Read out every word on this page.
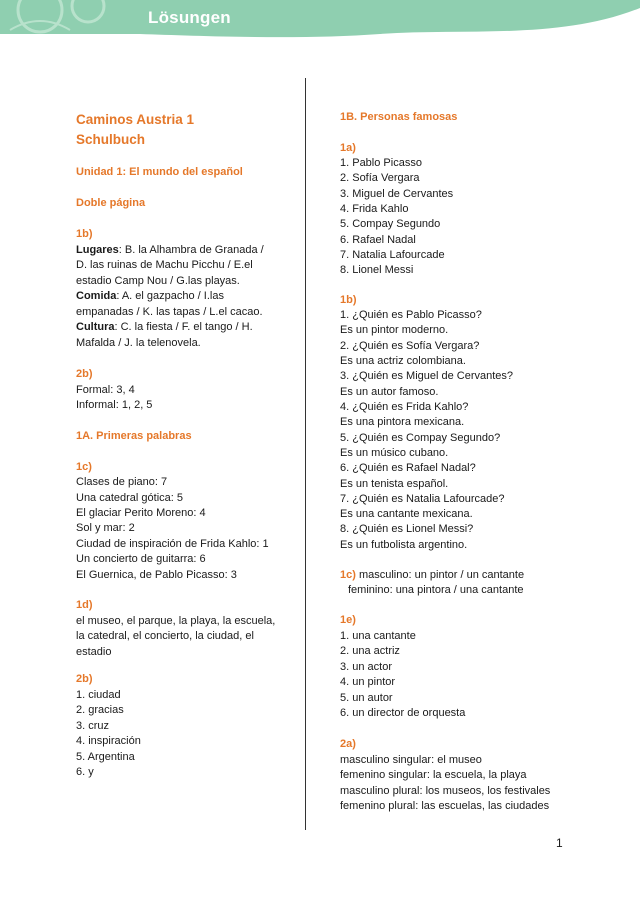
Lösungen
Caminos Austria 1
Schulbuch
Unidad 1: El mundo del español
Doble página
1b)
Lugares: B. la Alhambra de Granada /
D. las ruinas de Machu Picchu / E.el
estadio Camp Nou / G.las playas.
Comida: A. el gazpacho / I.las
empanadas / K. las tapas / L.el cacao.
Cultura: C. la fiesta / F. el tango / H.
Mafalda / J. la telenovela.
2b)
Formal: 3, 4
Informal: 1, 2, 5
1A. Primeras palabras
1c)
Clases de piano: 7
Una catedral gótica: 5
El glaciar Perito Moreno: 4
Sol y mar: 2
Ciudad de inspiración de Frida Kahlo: 1
Un concierto de guitarra: 6
El Guernica, de Pablo Picasso: 3
1d)
el museo, el parque, la playa, la escuela,
la catedral, el concierto, la ciudad, el
estadio
2b)
1. ciudad
2. gracias
3. cruz
4. inspiración
5. Argentina
6. y
1B. Personas famosas
1a)
1. Pablo Picasso
2. Sofía Vergara
3. Miguel de Cervantes
4. Frida Kahlo
5. Compay Segundo
6. Rafael Nadal
7. Natalia Lafourcade
8. Lionel Messi
1b)
1. ¿Quién es Pablo Picasso?
Es un pintor moderno.
2. ¿Quién es Sofía Vergara?
Es una actriz colombiana.
3. ¿Quién es Miguel de Cervantes?
Es un autor famoso.
4. ¿Quién es Frida Kahlo?
Es una pintora mexicana.
5. ¿Quién es Compay Segundo?
Es un músico cubano.
6. ¿Quién es Rafael Nadal?
Es un tenista español.
7. ¿Quién es Natalia Lafourcade?
Es una cantante mexicana.
8. ¿Quién es Lionel Messi?
Es un futbolista argentino.
1c) masculino: un pintor / un cantante
feminino: una pintora / una cantante
1e)
1. una cantante
2. una actriz
3. un actor
4. un pintor
5. un autor
6. un director de orquesta
2a)
masculino singular: el museo
femenino singular: la escuela, la playa
masculino plural: los museos, los festivales
femenino plural: las escuelas, las ciudades
1
